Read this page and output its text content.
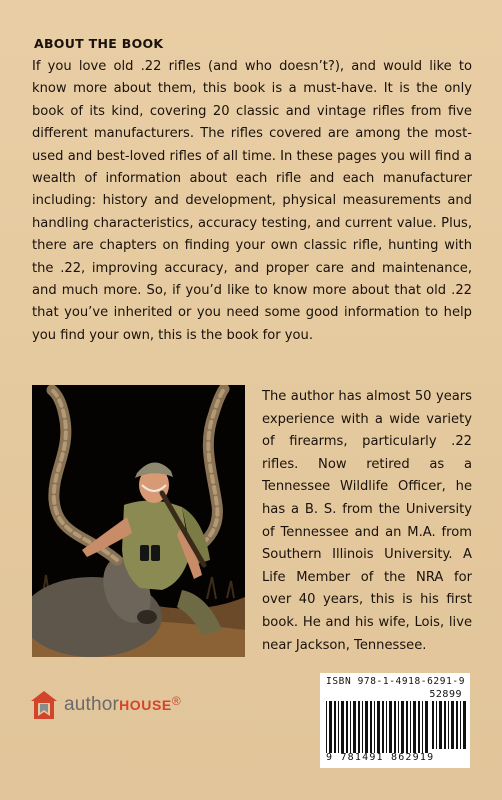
ABOUT THE BOOK

If you love old .22 rifles (and who doesn’t?), and would like to know more about them, this book is a must-have. It is the only book of its kind, covering 20 classic and vintage rifles from five different manufacturers. The rifles covered are among the most-used and best-loved rifles of all time. In these pages you will find a wealth of information about each rifle and each manufacturer including: history and development, physical measurements and handling characteristics, accuracy testing, and current value. Plus, there are chapters on finding your own classic rifle, hunting with the .22, improving accuracy, and proper care and maintenance, and much more. So, if you’d like to know more about that old .22 that you’ve inherited or you need some good information to help you find your own, this is the book for you.

The author has almost 50 years experience with a wide variety of firearms, particularly .22 rifles. Now retired as a Tennessee Wildlife Officer, he has a B. S. from the University of Tennessee and an M.A. from Southern Illinois University. A Life Member of the NRA for over 40 years, this is his first book. He and his wife, Lois, live near Jackson, Tennessee.

authorHOUSE®
ISBN 978-1-4918-6291-9
52899
9 781491 862919
